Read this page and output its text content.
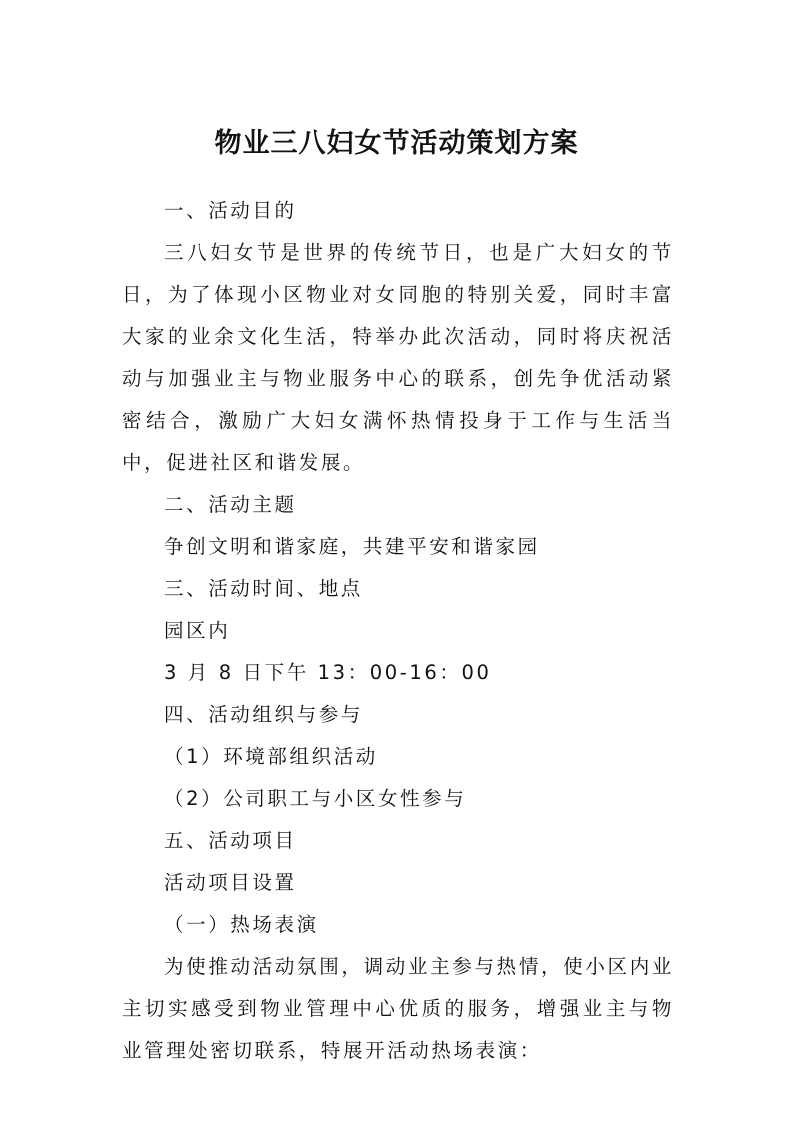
物业三八妇女节活动策划方案

一、活动目的

三八妇女节是世界的传统节日，也是广大妇女的节日，为了体现小区物业对女同胞的特别关爱，同时丰富大家的业余文化生活，特举办此次活动，同时将庆祝活动与加强业主与物业服务中心的联系，创先争优活动紧密结合，激励广大妇女满怀热情投身于工作与生活当中，促进社区和谐发展。

二、活动主题

争创文明和谐家庭，共建平安和谐家园

三、活动时间、地点

园区内

3 月 8 日下午 13：00-16：00

四、活动组织与参与

（1）环境部组织活动

（2）公司职工与小区女性参与

五、活动项目

活动项目设置

（一）热场表演

为使推动活动氛围，调动业主参与热情，使小区内业主切实感受到物业管理中心优质的服务，增强业主与物业管理处密切联系，特展开活动热场表演：
